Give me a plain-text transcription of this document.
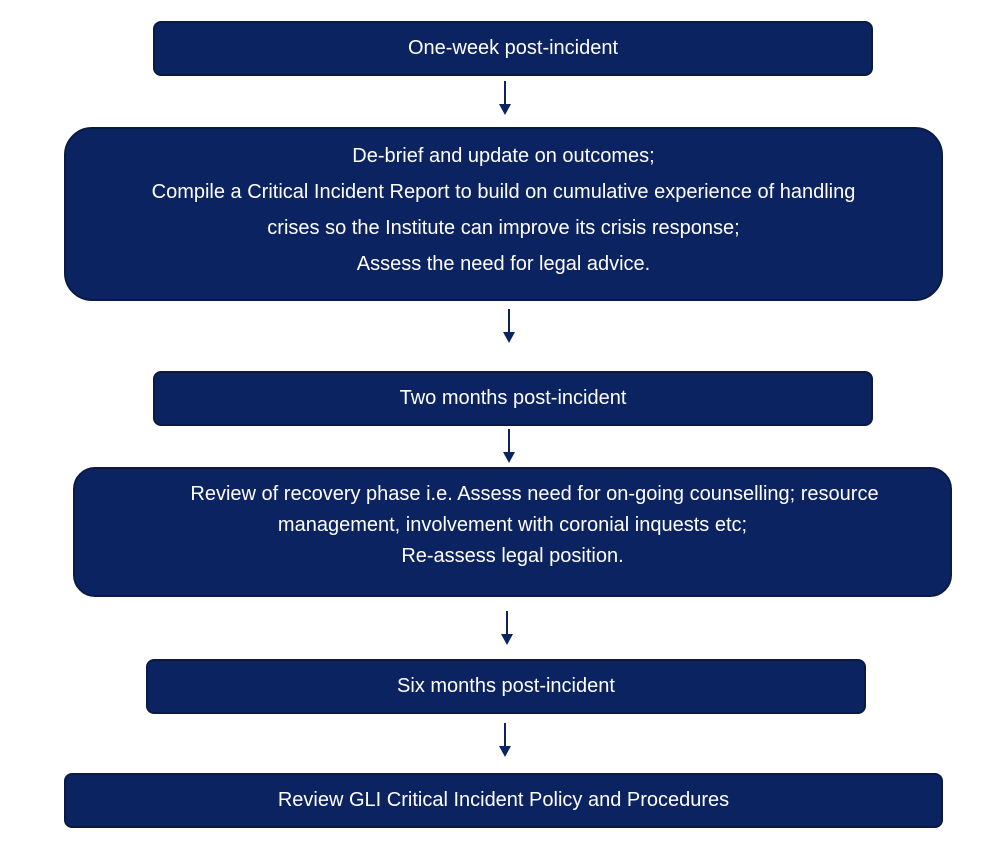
One-week post-incident
De-brief and update on outcomes;
Compile a Critical Incident Report to build on cumulative experience of handling
crises so the Institute can improve its crisis response;
Assess the need for legal advice.
Two months post-incident
Review of recovery phase i.e. Assess need for on-going counselling; resource
management, involvement with coronial inquests etc;
Re-assess legal position.
Six months post-incident
Review GLI Critical Incident Policy and Procedures
